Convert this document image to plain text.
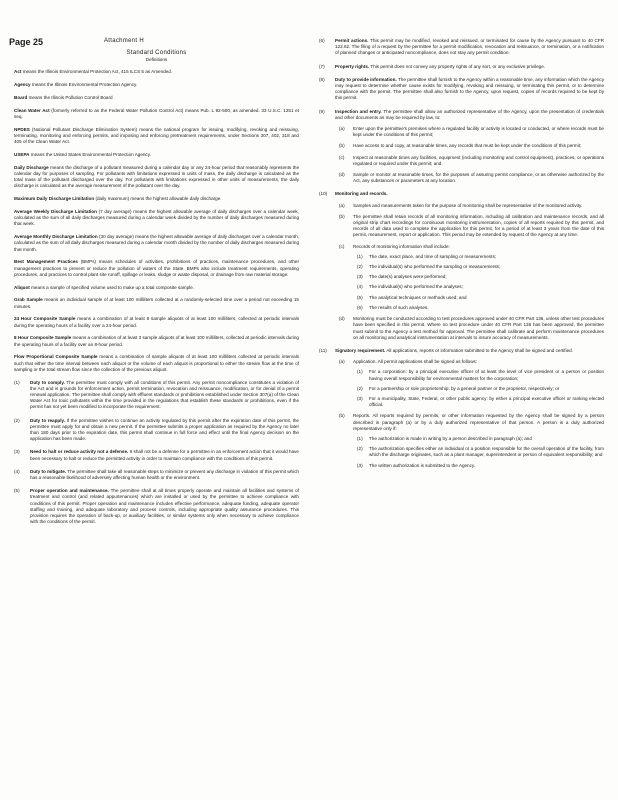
Page 25	Attachment H
Standard Conditions
Definitions
Act means the Illinois Environmental Protection Act, 415 ILCS 5 as Amended.
Agency means the Illinois Environmental Protection Agency.
Board means the Illinois Pollution Control Board
Clean Water Act (formerly referred to as the Federal Water Pollution Control Act) means Pub. L 92-500, as amended. 33 U.S.C. 1251 et seq.
NPDES (National Pollutant Discharge Elimination System) means the national program for issuing, modifying, revoking and reissuing, terminating, monitoring and enforcing permits, and imposing and enforcing pretreatment requirements, under Sections 307, 402, 318 and 405 of the Clean Water Act.
USEPA means the United States Environmental Protection Agency.
Daily Discharge means the discharge of a pollutant measured during a calendar day or any 24-hour period that reasonably represents the calendar day for purposes of sampling. For pollutants with limitations expressed in units of mass, the daily discharge is calculated as the total mass of the pollutant discharged over the day. For pollutants with limitations expressed in other units of measurements, the daily discharge is calculated as the average measurement of the pollutant over the day.
Maximum Daily Discharge Limitation (daily maximum) means the highest allowable daily discharge.
Average Weekly Discharge Limitation (7 day average) means the highest allowable average of daily discharges over a calendar week, calculated as the sum of all daily discharges measured during a calendar week divided by the number of daily discharges measured during that week.
Average Monthly Discharge Limitation (30 day average) means the highest allowable average of daily discharges over a calendar month, calculated as the sum of all daily discharges measured during a calendar month divided by the number of daily discharges measured during that month.
Best Management Practices (BMPs) means schedules of activities, prohibitions of practices, maintenance procedures, and other management practices to prevent or reduce the pollution of waters of the State. BMPs also include treatment requirements, operating procedures, and practices to control plant site runoff, spillage or leaks, sludge or waste disposal, or drainage from raw material storage.
Aliquot means a sample of specified volume used to make up a total composite sample.
Grab Sample means an individual sample of at least 100 milliliters collected at a randomly-selected time over a period not exceeding 15 minutes.
24 Hour Composite Sample means a combination of at least 8 sample aliquots of at least 100 milliliters, collected at periodic intervals during the operating hours of a facility over a 24-hour period.
8 Hour Composite Sample means a combination of at least 3 sample aliquots of at least 100 milliliters, collected at periodic intervals during the operating hours of a facility over an 8-hour period.
Flow Proportional Composite Sample means a combination of sample aliquots of at least 100 milliliters collected at periodic intervals such that either the time interval between each aliquot or the volume of each aliquot is proportional to either the stream flow at the time of sampling or the total stream flow since the collection of the previous aliquot.
(1)	Duty to comply. The permittee must comply with all conditions of this permit. Any permit noncompliance constitutes a violation of the Act and is grounds for enforcement action, permit termination, revocation and reissuance, modification, or for denial of a permit renewal application. The permittee shall comply with effluent standards or prohibitions established under Section 307(a) of the Clean Water Act for toxic pollutants within the time provided in the regulations that establish these standards or prohibitions, even if the permit has not yet been modified to incorporate the requirement.
(2)	Duty to reapply. If the permittee wishes to continue an activity regulated by this permit after the expiration date of this permit, the permittee must apply for and obtain a new permit. If the permittee submits a proper application as required by the Agency no later than 180 days prior to the expiration date, this permit shall continue in full force and effect until the final Agency decision on the application has been made.
(3)	Need to halt or reduce activity not a defense. It shall not be a defense for a permittee in an enforcement action that it would have been necessary to halt or reduce the permitted activity in order to maintain compliance with the conditions of this permit.
(4)	Duty to mitigate. The permittee shall take all reasonable steps to minimize or prevent any discharge in violation of this permit which has a reasonable likelihood of adversely affecting human health or the environment.
(5)	Proper operation and maintenance. The permittee shall at all times properly operate and maintain all facilities and systems of treatment and control (and related appurtenances) which are installed or used by the permittee to achieve compliance with conditions of this permit. Proper operation and maintenance includes effective performance, adequate funding, adequate operator staffing and training, and adequate laboratory and process controls, including appropriate quality assurance procedures. This provision requires the operation of back-up, or auxiliary facilities, or similar systems only when necessary to achieve compliance with the conditions of the permit.
(6)	Permit actions. This permit may be modified, revoked and reissued, or terminated for cause by the Agency pursuant to 40 CFR 122.62. The filing of a request by the permittee for a permit modification, revocation and reissuance, or termination, or a notification of planned changes or anticipated noncompliance, does not stay any permit condition.
(7)	Property rights. This permit does not convey any property rights of any sort, or any exclusive privilege.
(8)	Duty to provide information. The permittee shall furnish to the Agency within a reasonable time, any information which the Agency may request to determine whether cause exists for modifying, revoking and reissuing, or terminating this permit, or to determine compliance with the permit. The permittee shall also furnish to the Agency, upon request, copies of records required to be kept by this permit.
(9)	Inspection and entry. The permittee shall allow an authorized representative of the Agency, upon the presentation of credentials and other documents as may be required by law, to:
(a)	Enter upon the permittee's premises where a regulated facility or activity is located or conducted, or where records must be kept under the conditions of this permit;
(b)	Have access to and copy, at reasonable times, any records that must be kept under the conditions of this permit;
(c)	Inspect at reasonable times any facilities, equipment (including monitoring and control equipment), practices, or operations regulated or required under this permit; and
(d)	Sample or monitor at reasonable times, for the purposes of assuring permit compliance, or as otherwise authorized by the Act, any substances or parameters at any location.
(10)	Monitoring and records.
(a)	Samples and measurements taken for the purpose of monitoring shall be representative of the monitored activity.
(b)	The permittee shall retain records of all monitoring information, including all calibration and maintenance records, and all original strip chart recordings for continuous monitoring instrumentation, copies of all reports required by this permit, and records of all data used to complete the application for this permit, for a period of at least 3 years from the date of this permit, measurement, report or application. This period may be extended by request of the Agency at any time.
(c)	Records of monitoring information shall include:
(1)	The date, exact place, and time of sampling or measurements;
(2)	The individual(s) who performed the sampling or measurements;
(3)	The date(s) analyses were performed;
(4)	The individual(s) who performed the analyses;
(5)	The analytical techniques or methods used; and
(6)	The results of such analyses.
(d)	Monitoring must be conducted according to test procedures approved under 40 CFR Part 136, unless other test procedures have been specified in this permit. Where no test procedure under 40 CFR Part 136 has been approved, the permittee must submit to the Agency a test method for approval. The permittee shall calibrate and perform maintenance procedures on all monitoring and analytical instrumentation at intervals to insure accuracy of measurements.
(11)	Signatory requirement. All applications, reports or information submitted to the Agency shall be signed and certified.
(a)	Application. All permit applications shall be signed as follows:
(1)	For a corporation: by a principal executive officer of at least the level of vice president or a person or position having overall responsibility for environmental matters for the corporation;
(2)	For a partnership or sole proprietorship: by a general partner or the proprietor, respectively; or
(3)	For a municipality, State, Federal, or other public agency: by either a principal executive officer or ranking elected official.
(b)	Reports. All reports required by permits, or other information requested by the Agency shall be signed by a person described in paragraph (a) or by a duly authorized representative of that person. A person is a duly authorized representative only if:
(1)	The authorization is made in writing by a person described in paragraph (a); and
(2)	The authorization specifies either an individual or a position responsible for the overall operation of the facility, from which the discharge originates, such as a plant manager, superintendent or person of equivalent responsibility; and
(3)	The written authorization is submitted to the Agency.
